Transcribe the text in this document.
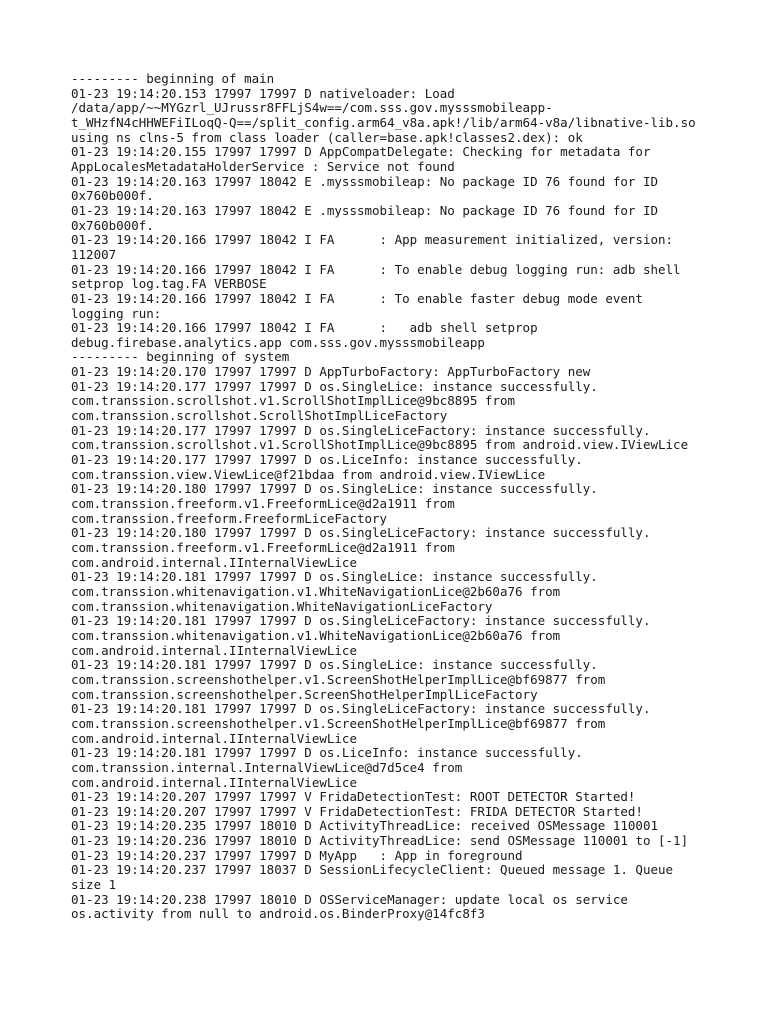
--------- beginning of main
01-23 19:14:20.153 17997 17997 D nativeloader: Load
/data/app/~~MYGzrl_UJrussr8FFLjS4w==/com.sss.gov.mysssmobileapp-
t_WHzfN4cHHWEFiILoqQ-Q==/split_config.arm64_v8a.apk!/lib/arm64-v8a/libnative-lib.so
using ns clns-5 from class loader (caller=base.apk!classes2.dex): ok
01-23 19:14:20.155 17997 17997 D AppCompatDelegate: Checking for metadata for
AppLocalesMetadataHolderService : Service not found
01-23 19:14:20.163 17997 18042 E .mysssmobileap: No package ID 76 found for ID
0x760b000f.
01-23 19:14:20.163 17997 18042 E .mysssmobileap: No package ID 76 found for ID
0x760b000f.
01-23 19:14:20.166 17997 18042 I FA      : App measurement initialized, version:
112007
01-23 19:14:20.166 17997 18042 I FA      : To enable debug logging run: adb shell
setprop log.tag.FA VERBOSE
01-23 19:14:20.166 17997 18042 I FA      : To enable faster debug mode event
logging run:
01-23 19:14:20.166 17997 18042 I FA      :   adb shell setprop
debug.firebase.analytics.app com.sss.gov.mysssmobileapp
--------- beginning of system
01-23 19:14:20.170 17997 17997 D AppTurboFactory: AppTurboFactory new
01-23 19:14:20.177 17997 17997 D os.SingleLice: instance successfully.
com.transsion.scrollshot.v1.ScrollShotImplLice@9bc8895 from
com.transsion.scrollshot.ScrollShotImplLiceFactory
01-23 19:14:20.177 17997 17997 D os.SingleLiceFactory: instance successfully.
com.transsion.scrollshot.v1.ScrollShotImplLice@9bc8895 from android.view.IViewLice
01-23 19:14:20.177 17997 17997 D os.LiceInfo: instance successfully.
com.transsion.view.ViewLice@f21bdaa from android.view.IViewLice
01-23 19:14:20.180 17997 17997 D os.SingleLice: instance successfully.
com.transsion.freeform.v1.FreeformLice@d2a1911 from
com.transsion.freeform.FreeformLiceFactory
01-23 19:14:20.180 17997 17997 D os.SingleLiceFactory: instance successfully.
com.transsion.freeform.v1.FreeformLice@d2a1911 from
com.android.internal.IInternalViewLice
01-23 19:14:20.181 17997 17997 D os.SingleLice: instance successfully.
com.transsion.whitenavigation.v1.WhiteNavigationLice@2b60a76 from
com.transsion.whitenavigation.WhiteNavigationLiceFactory
01-23 19:14:20.181 17997 17997 D os.SingleLiceFactory: instance successfully.
com.transsion.whitenavigation.v1.WhiteNavigationLice@2b60a76 from
com.android.internal.IInternalViewLice
01-23 19:14:20.181 17997 17997 D os.SingleLice: instance successfully.
com.transsion.screenshothelper.v1.ScreenShotHelperImplLice@bf69877 from
com.transsion.screenshothelper.ScreenShotHelperImplLiceFactory
01-23 19:14:20.181 17997 17997 D os.SingleLiceFactory: instance successfully.
com.transsion.screenshothelper.v1.ScreenShotHelperImplLice@bf69877 from
com.android.internal.IInternalViewLice
01-23 19:14:20.181 17997 17997 D os.LiceInfo: instance successfully.
com.transsion.internal.InternalViewLice@d7d5ce4 from
com.android.internal.IInternalViewLice
01-23 19:14:20.207 17997 17997 V FridaDetectionTest: ROOT DETECTOR Started!
01-23 19:14:20.207 17997 17997 V FridaDetectionTest: FRIDA DETECTOR Started!
01-23 19:14:20.235 17997 18010 D ActivityThreadLice: received OSMessage 110001
01-23 19:14:20.236 17997 18010 D ActivityThreadLice: send OSMessage 110001 to [-1]
01-23 19:14:20.237 17997 17997 D MyApp   : App in foreground
01-23 19:14:20.237 17997 18037 D SessionLifecycleClient: Queued message 1. Queue
size 1
01-23 19:14:20.238 17997 18010 D OSServiceManager: update local os service
os.activity from null to android.os.BinderProxy@14fc8f3
